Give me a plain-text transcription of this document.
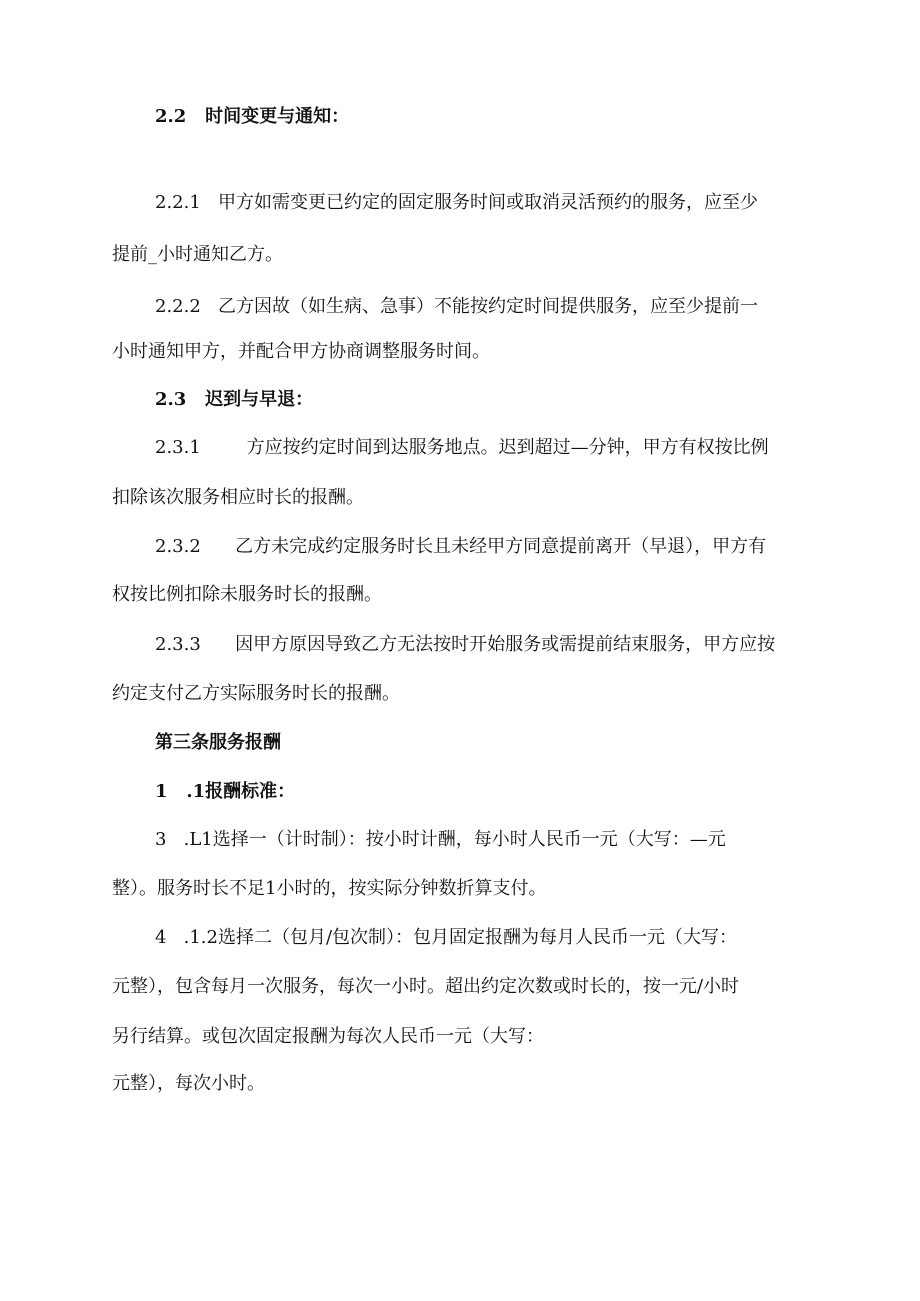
2.2   时间变更与通知：
2.2.1   甲方如需变更已约定的固定服务时间或取消灵活预约的服务，应至少
提前_小时通知乙方。
2.2.2   乙方因故（如生病、急事）不能按约定时间提供服务，应至少提前一
小时通知甲方，并配合甲方协商调整服务时间。
2.3   迟到与早退：
2.3.1        方应按约定时间到达服务地点。迟到超过—分钟，甲方有权按比例
扣除该次服务相应时长的报酬。
2.3.2      乙方未完成约定服务时长且未经甲方同意提前离开（早退），甲方有
权按比例扣除未服务时长的报酬。
2.3.3      因甲方原因导致乙方无法按时开始服务或需提前结束服务，甲方应按
约定支付乙方实际服务时长的报酬。
第三条服务报酬
1   .1报酬标准：
3   .L1选择一（计时制）：按小时计酬，每小时人民币一元（大写：—元
整）。服务时长不足1小时的，按实际分钟数折算支付。
4   .1.2选择二（包月/包次制）：包月固定报酬为每月人民币一元（大写：
元整），包含每月一次服务，每次一小时。超出约定次数或时长的，按一元/小时
另行结算。或包次固定报酬为每次人民币一元（大写：
元整），每次小时。
